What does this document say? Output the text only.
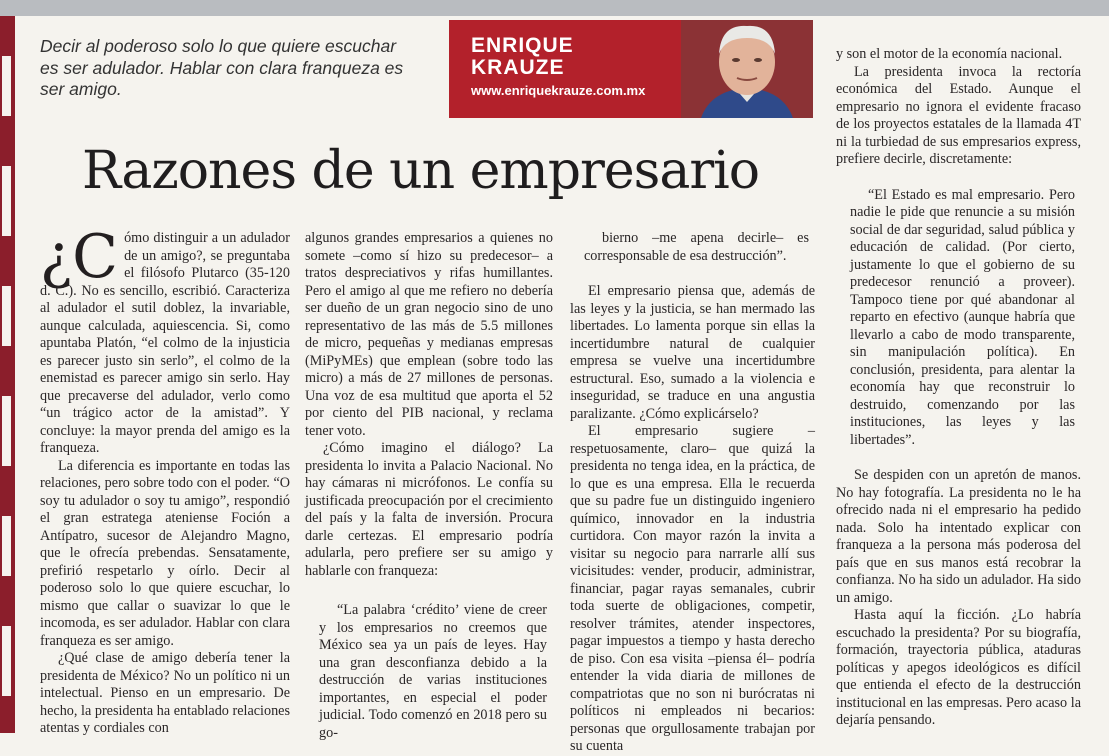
Decir al poderoso solo lo que quiere escuchar es ser adulador. Hablar con clara franqueza es ser amigo.
ENRIQUE
KRAUZE
www.enriquekrauze.com.mx
Razones de un empresario

¿C ómo distinguir a un adulador de un amigo?, se preguntaba el filósofo Plutarco (35-120 d. C.). No es sencillo, escribió. Caracteriza al adulador el sutil doblez, la invariable, aunque calculada, aquiescencia. Si, como apuntaba Platón, “el colmo de la injusticia es parecer justo sin serlo”, el colmo de la enemistad es parecer amigo sin serlo. Hay que precaverse del adulador, verlo como “un trágico actor de la amistad”. Y concluye: la mayor prenda del amigo es la franqueza.

La diferencia es importante en todas las relaciones, pero sobre todo con el poder. “O soy tu adulador o soy tu amigo”, respondió el gran estratega ateniense Foción a Antípatro, sucesor de Alejandro Magno, que le ofrecía prebendas. Sensatamente, prefirió respetarlo y oírlo. Decir al poderoso solo lo que quiere escuchar, lo mismo que callar o suavizar lo que le incomoda, es ser adulador. Hablar con clara franqueza es ser amigo.

¿Qué clase de amigo debería tener la presidenta de México? No un político ni un intelectual. Pienso en un empresario. De hecho, la presidenta ha entablado relaciones atentas y cordiales con

algunos grandes empresarios a quienes no somete –como sí hizo su predecesor– a tratos despreciativos y rifas humillantes. Pero el amigo al que me refiero no debería ser dueño de un gran negocio sino de uno representativo de las más de 5.5 millones de micro, pequeñas y medianas empresas (MiPyMEs) que emplean (sobre todo las micro) a más de 27 millones de personas. Una voz de esa multitud que aporta el 52 por ciento del PIB nacional, y reclama tener voto.

¿Cómo imagino el diálogo? La presidenta lo invita a Palacio Nacional. No hay cámaras ni micrófonos. Le confía su justificada preocupación por el crecimiento del país y la falta de inversión. Procura darle certezas. El empresario podría adularla, pero prefiere ser su amigo y hablarle con franqueza:

“La palabra ‘crédito’ viene de creer y los empresarios no creemos que México sea ya un país de leyes. Hay una gran desconfianza debido a la destrucción de varias instituciones importantes, en especial el poder judicial. Todo comenzó en 2018 pero su go-

bierno –me apena decirle– es corresponsable de esa destrucción”.

El empresario piensa que, además de las leyes y la justicia, se han mermado las libertades. Lo lamenta porque sin ellas la incertidumbre natural de cualquier empresa se vuelve una incertidumbre estructural. Eso, sumado a la violencia e inseguridad, se traduce en una angustia paralizante. ¿Cómo explicárselo?

El empresario sugiere –respetuosamente, claro– que quizá la presidenta no tenga idea, en la práctica, de lo que es una empresa. Ella le recuerda que su padre fue un distinguido ingeniero químico, innovador en la industria curtidora. Con mayor razón la invita a visitar su negocio para narrarle allí sus vicisitudes: vender, producir, administrar, financiar, pagar rayas semanales, cubrir toda suerte de obligaciones, competir, resolver trámites, atender inspectores, pagar impuestos a tiempo y hasta derecho de piso. Con esa visita –piensa él– podría entender la vida diaria de millones de compatriotas que no son ni burócratas ni políticos ni empleados ni becarios: personas que orgullosamente trabajan por su cuenta

y son el motor de la economía nacional.

La presidenta invoca la rectoría económica del Estado. Aunque el empresario no ignora el evidente fracaso de los proyectos estatales de la llamada 4T ni la turbiedad de sus empresarios express, prefiere decirle, discretamente:

“El Estado es mal empresario. Pero nadie le pide que renuncie a su misión social de dar seguridad, salud pública y educación de calidad. (Por cierto, justamente lo que el gobierno de su predecesor renunció a proveer). Tampoco tiene por qué abandonar al reparto en efectivo (aunque habría que llevarlo a cabo de modo transparente, sin manipulación política). En conclusión, presidenta, para alentar la economía hay que reconstruir lo destruido, comenzando por las instituciones, las leyes y las libertades”.

Se despiden con un apretón de manos. No hay fotografía. La presidenta no le ha ofrecido nada ni el empresario ha pedido nada. Solo ha intentado explicar con franqueza a la persona más poderosa del país que en sus manos está recobrar la confianza. No ha sido un adulador. Ha sido un amigo.

Hasta aquí la ficción. ¿Lo habría escuchado la presidenta? Por su biografía, formación, trayectoria pública, ataduras políticas y apegos ideológicos es difícil que entienda el efecto de la destrucción institucional en las empresas. Pero acaso la dejaría pensando.
